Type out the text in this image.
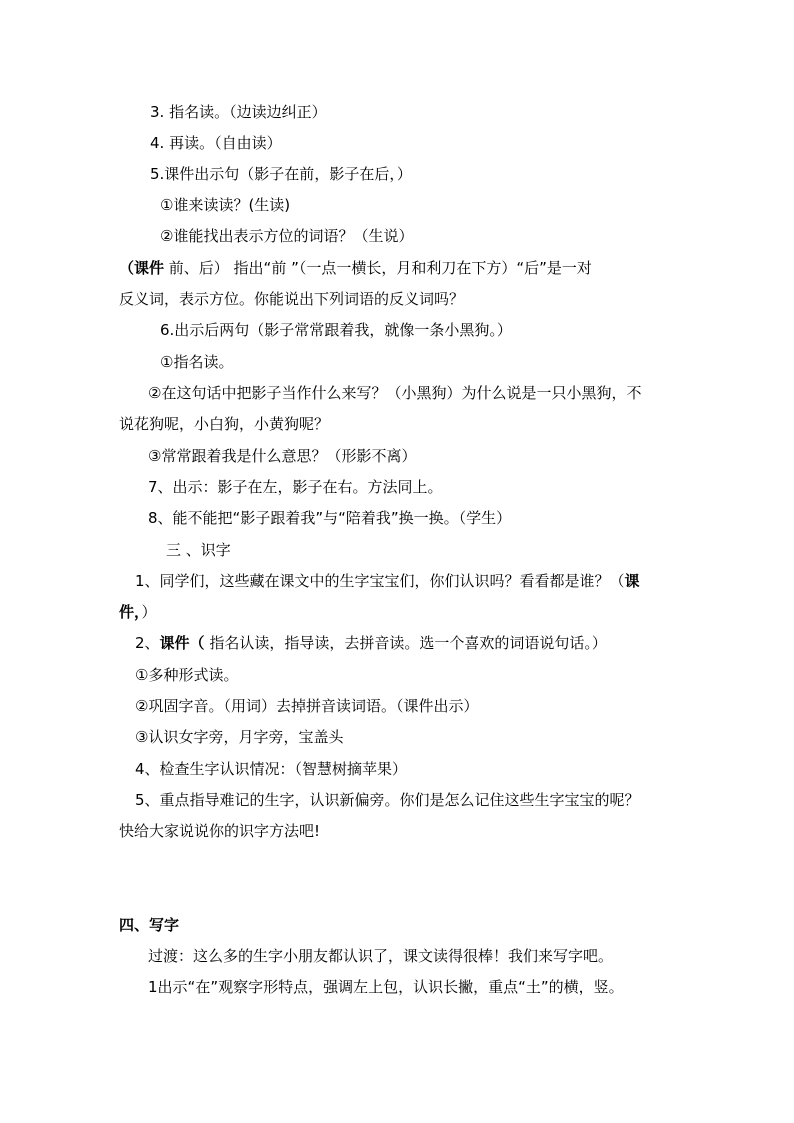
3. 指名读。（边读边纠正）
4. 再读。（自由读）
5.课件出示句（影子在前，影子在后，）
①谁来读读？(生读)
②谁能找出表示方位的词语？（生说）
（课件 前、后） 指出“前 ”（一点一横长，月和利刀在下方）“后”是一对
反义词，表示方位。你能说出下列词语的反义词吗？
6.出示后两句（影子常常跟着我，就像一条小黑狗。）
①指名读。
②在这句话中把影子当作什么来写？（小黑狗）为什么说是一只小黑狗，不
说花狗呢，小白狗，小黄狗呢？
③常常跟着我是什么意思？（形影不离）
7、出示：影子在左，影子在右。方法同上。
8、能不能把“影子跟着我”与“陪着我”换一换。（学生）
三 、识字
1、同学们，这些藏在课文中的生字宝宝们，你们认识吗？看看都是谁？（课
件，）
2、课件（ 指名认读，指导读，去拼音读。选一个喜欢的词语说句话。）
①多种形式读。
②巩固字音。（用词）去掉拼音读词语。（课件出示）
③认识女字旁，月字旁，宝盖头
4、检查生字认识情况：（智慧树摘苹果）
5、重点指导难记的生字，认识新偏旁。你们是怎么记住这些生字宝宝的呢？
快给大家说说你的识字方法吧!
四、写字
过渡：这么多的生字小朋友都认识了，课文读得很棒！我们来写字吧。
1出示“在”观察字形特点，强调左上包，认识长撇，重点“土”的横，竖。
